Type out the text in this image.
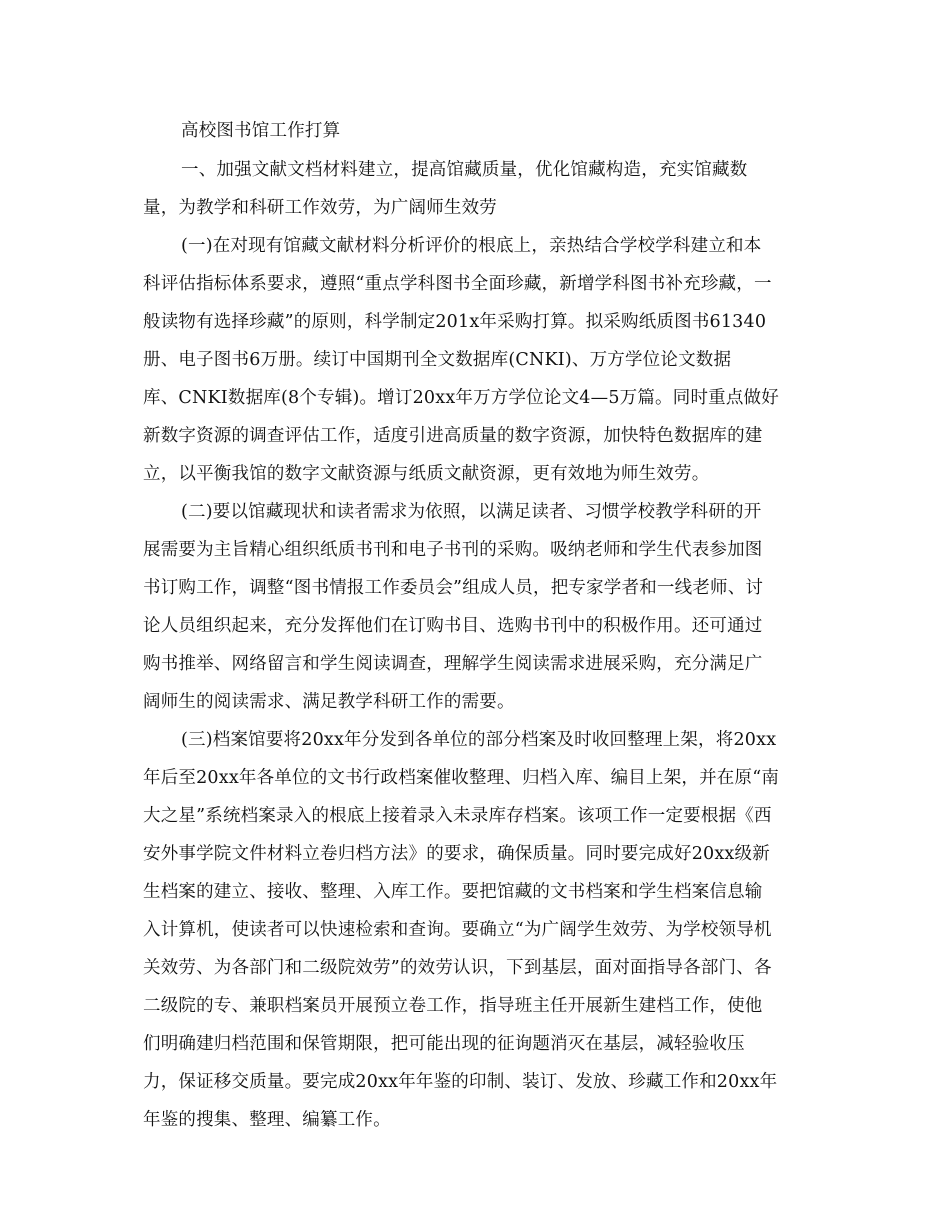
高校图书馆工作打算
一、加强文献文档材料建立，提高馆藏质量，优化馆藏构造，充实馆藏数
量，为教学和科研工作效劳，为广阔师生效劳
(一)在对现有馆藏文献材料分析评价的根底上，亲热结合学校学科建立和本
科评估指标体系要求，遵照“重点学科图书全面珍藏，新增学科图书补充珍藏，一
般读物有选择珍藏”的原则，科学制定201x年采购打算。拟采购纸质图书61340
册、电子图书6万册。续订中国期刊全文数据库(CNKI)、万方学位论文数据
库、CNKI数据库(8个专辑)。增订20xx年万方学位论文4—5万篇。同时重点做好
新数字资源的调查评估工作，适度引进高质量的数字资源，加快特色数据库的建
立，以平衡我馆的数字文献资源与纸质文献资源，更有效地为师生效劳。
(二)要以馆藏现状和读者需求为依照，以满足读者、习惯学校教学科研的开
展需要为主旨精心组织纸质书刊和电子书刊的采购。吸纳老师和学生代表参加图
书订购工作，调整“图书情报工作委员会”组成人员，把专家学者和一线老师、讨
论人员组织起来，充分发挥他们在订购书目、选购书刊中的积极作用。还可通过
购书推举、网络留言和学生阅读调查，理解学生阅读需求进展采购，充分满足广
阔师生的阅读需求、满足教学科研工作的需要。
(三)档案馆要将20xx年分发到各单位的部分档案及时收回整理上架，将20xx
年后至20xx年各单位的文书行政档案催收整理、归档入库、编目上架，并在原“南
大之星”系统档案录入的根底上接着录入未录库存档案。该项工作一定要根据《西
安外事学院文件材料立卷归档方法》的要求，确保质量。同时要完成好20xx级新
生档案的建立、接收、整理、入库工作。要把馆藏的文书档案和学生档案信息输
入计算机，使读者可以快速检索和查询。要确立“为广阔学生效劳、为学校领导机
关效劳、为各部门和二级院效劳”的效劳认识，下到基层，面对面指导各部门、各
二级院的专、兼职档案员开展预立卷工作，指导班主任开展新生建档工作，使他
们明确建归档范围和保管期限，把可能出现的征询题消灭在基层，减轻验收压
力，保证移交质量。要完成20xx年年鉴的印制、装订、发放、珍藏工作和20xx年
年鉴的搜集、整理、编纂工作。
